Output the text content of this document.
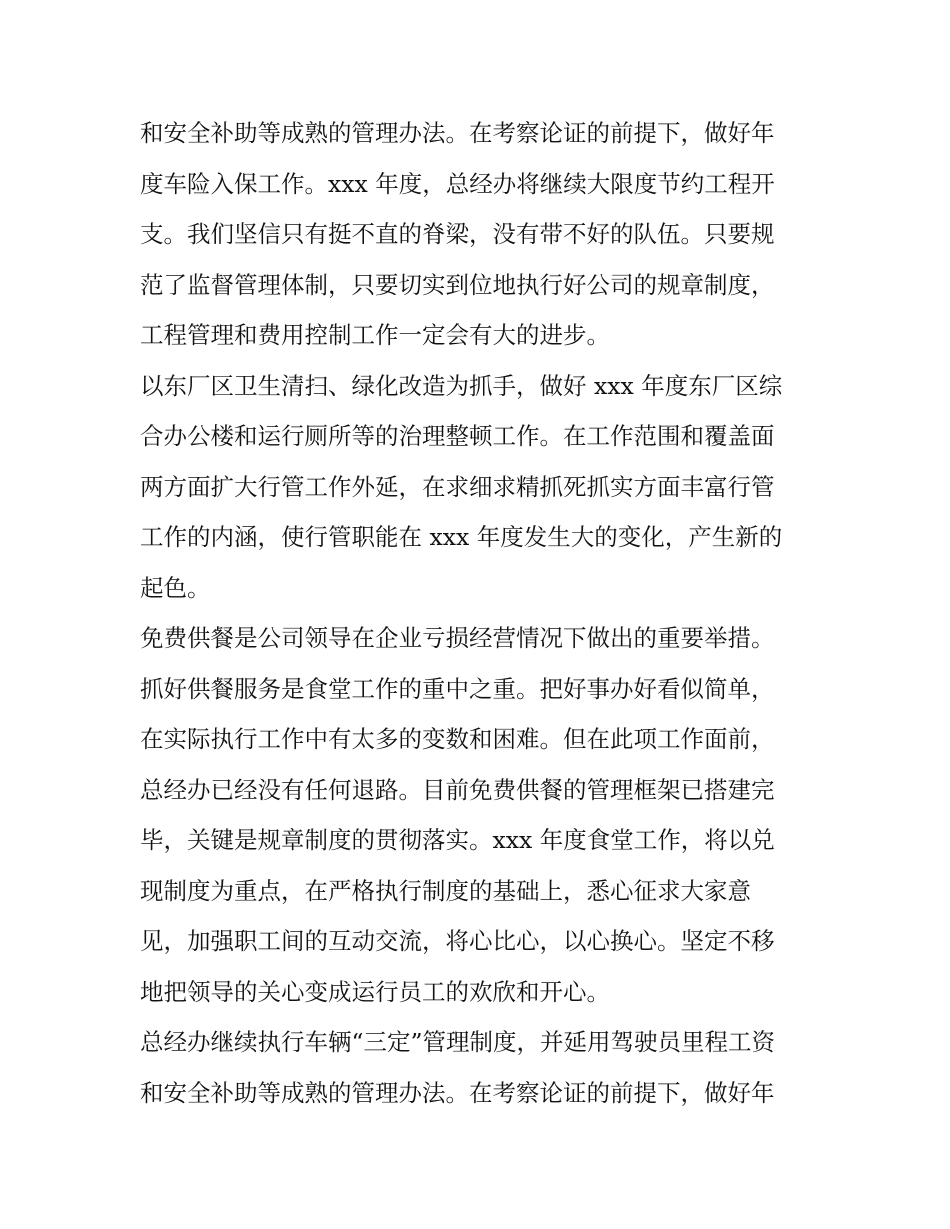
和安全补助等成熟的管理办法。在考察论证的前提下，做好年
度车险入保工作。xxx 年度，总经办将继续大限度节约工程开
支。我们坚信只有挺不直的脊梁，没有带不好的队伍。只要规
范了监督管理体制，只要切实到位地执行好公司的规章制度，
工程管理和费用控制工作一定会有大的进步。
以东厂区卫生清扫、绿化改造为抓手，做好 xxx 年度东厂区综
合办公楼和运行厕所等的治理整顿工作。在工作范围和覆盖面
两方面扩大行管工作外延，在求细求精抓死抓实方面丰富行管
工作的内涵，使行管职能在 xxx 年度发生大的变化，产生新的
起色。
免费供餐是公司领导在企业亏损经营情况下做出的重要举措。
抓好供餐服务是食堂工作的重中之重。把好事办好看似简单，
在实际执行工作中有太多的变数和困难。但在此项工作面前，
总经办已经没有任何退路。目前免费供餐的管理框架已搭建完
毕，关键是规章制度的贯彻落实。xxx 年度食堂工作，将以兑
现制度为重点，在严格执行制度的基础上，悉心征求大家意
见，加强职工间的互动交流，将心比心，以心换心。坚定不移
地把领导的关心变成运行员工的欢欣和开心。
总经办继续执行车辆“三定”管理制度，并延用驾驶员里程工资
和安全补助等成熟的管理办法。在考察论证的前提下，做好年
